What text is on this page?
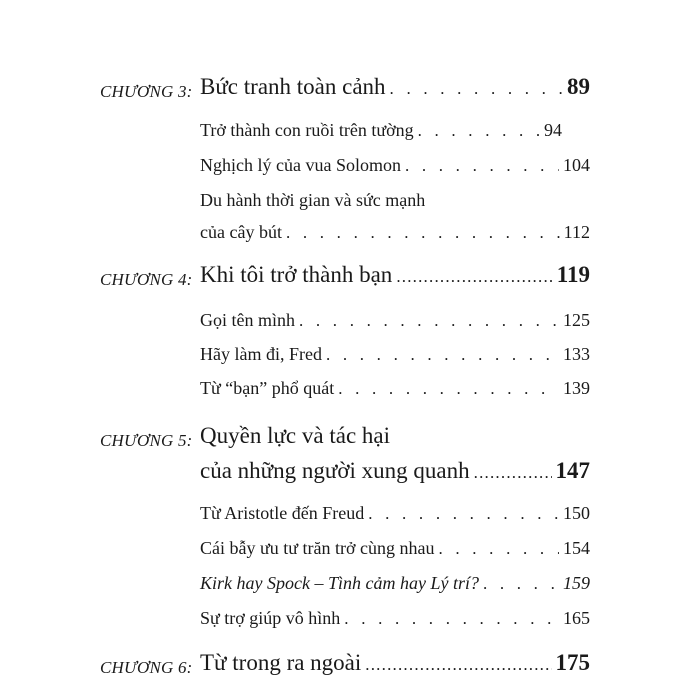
CHƯƠNG 3: Bức tranh toàn cảnh . . .	89
Trở thành con ruồi trên tường . . .	94
Nghịch lý của vua Solomon . . .	104
Du hành thời gian và sức mạnh
của cây bút . . .	112
CHƯƠNG 4: Khi tôi trở thành bạn .....	119
Gọi tên mình . . .	125
Hãy làm đi, Fred . . .	133
Từ “bạn” phổ quát . . .	139
CHƯƠNG 5: Quyền lực và tác hại
của những người xung quanh .....	147
Từ Aristotle đến Freud . . .	150
Cái bẫy ưu tư trăn trở cùng nhau . . .	154
Kirk hay Spock – Tình cảm hay Lý trí? . . .	159
Sự trợ giúp vô hình . . .	165
CHƯƠNG 6: Từ trong ra ngoài .....	175
